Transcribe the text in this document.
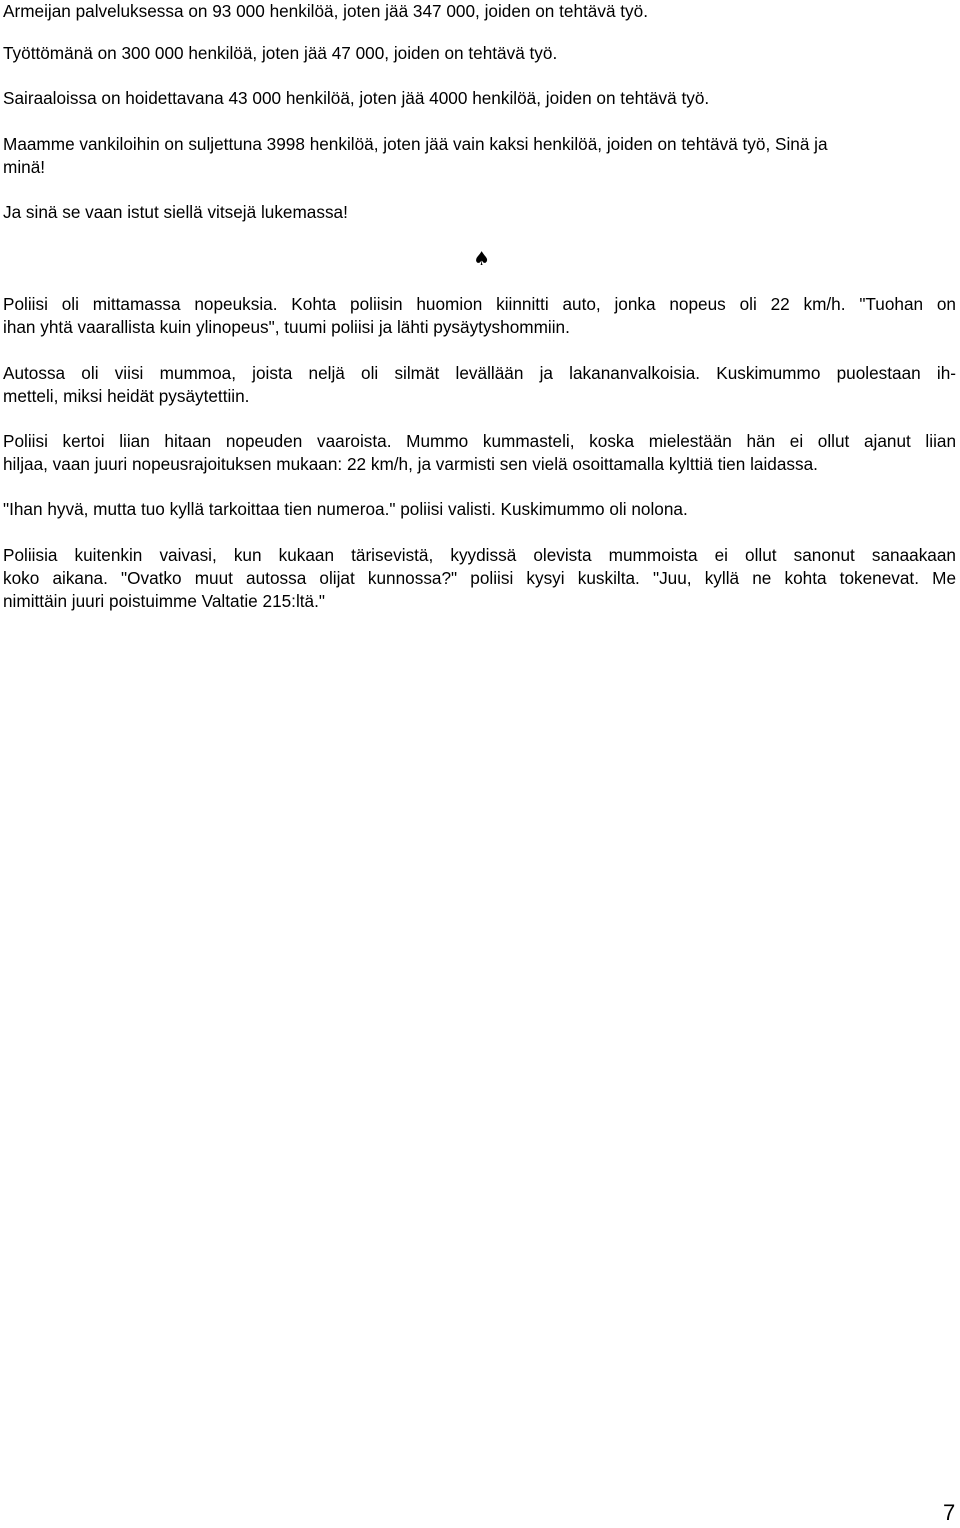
Armeijan palveluksessa on 93 000 henkilöä, joten jää 347 000, joiden on tehtävä työ.

Työttömänä on 300 000 henkilöä, joten jää 47 000, joiden on tehtävä työ.

Sairaaloissa on hoidettavana 43 000 henkilöä, joten jää 4000 henkilöä, joiden on tehtävä työ.

Maamme vankiloihin on suljettuna 3998 henkilöä, joten jää vain kaksi henkilöä, joiden on tehtävä työ, Sinä ja
minä!

Ja sinä se vaan istut siellä vitsejä lukemassa!

♠

Poliisi oli mittamassa nopeuksia. Kohta poliisin huomion kiinnitti auto, jonka nopeus oli 22 km/h. "Tuohan on
ihan yhtä vaarallista kuin ylinopeus", tuumi poliisi ja lähti pysäytyshommiin.

Autossa oli viisi mummoa, joista neljä oli silmät levällään ja lakananvalkoisia. Kuskimummo puolestaan ih-
metteli, miksi heidät pysäytettiin.

Poliisi kertoi liian hitaan nopeuden vaaroista. Mummo kummasteli, koska mielestään hän ei ollut ajanut liian
hiljaa, vaan juuri nopeusrajoituksen mukaan: 22 km/h, ja varmisti sen vielä osoittamalla kylttiä tien laidassa.

"Ihan hyvä, mutta tuo kyllä tarkoittaa tien numeroa." poliisi valisti. Kuskimummo oli nolona.

Poliisia kuitenkin vaivasi, kun kukaan tärisevistä, kyydissä olevista mummoista ei ollut sanonut sanaakaan
koko aikana. "Ovatko muut autossa olijat kunnossa?" poliisi kysyi kuskilta. "Juu, kyllä ne kohta tokenevat. Me
nimittäin juuri poistuimme Valtatie 215:ltä."

7
